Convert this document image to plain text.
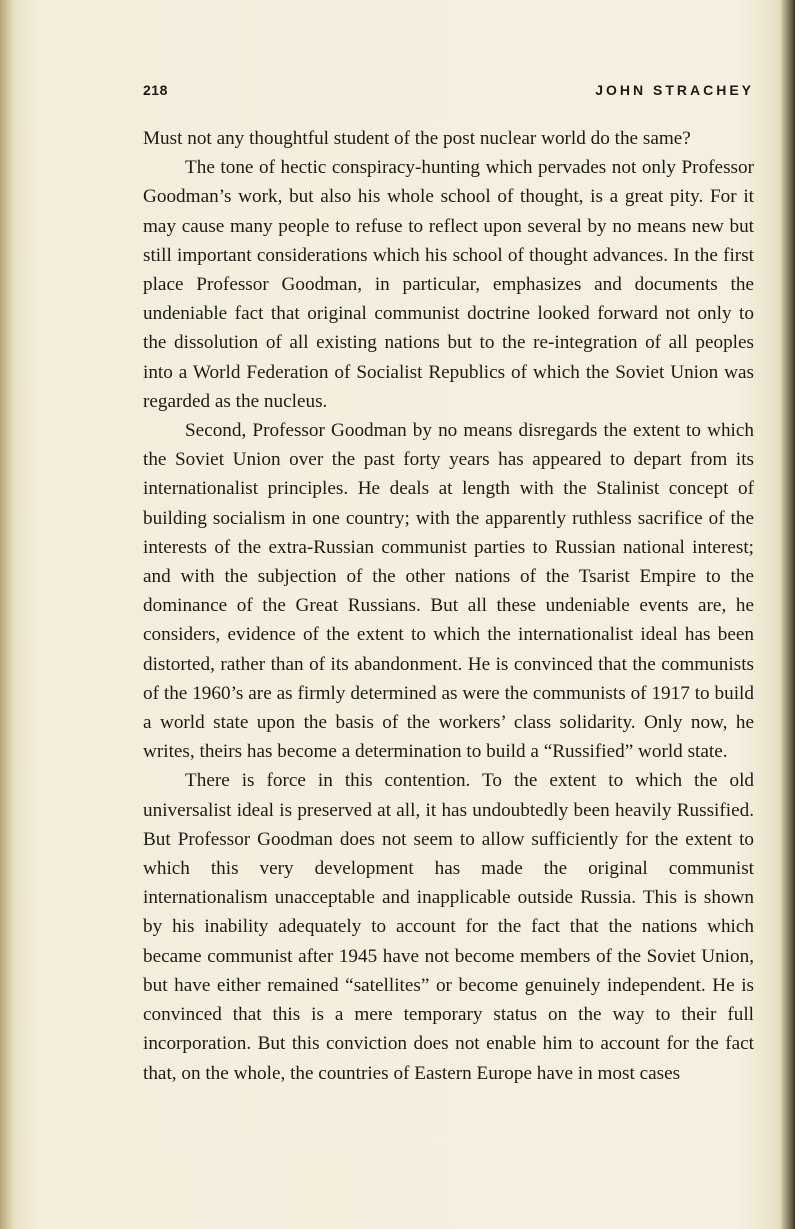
218	JOHN STRACHEY

Must not any thoughtful student of the post nuclear world do the same?

The tone of hectic conspiracy-hunting which pervades not only Professor Goodman’s work, but also his whole school of thought, is a great pity. For it may cause many people to refuse to reflect upon several by no means new but still important considerations which his school of thought advances. In the first place Professor Goodman, in particular, emphasizes and documents the undeniable fact that original communist doctrine looked forward not only to the dissolution of all existing nations but to the re-integration of all peoples into a World Federation of Socialist Republics of which the Soviet Union was regarded as the nucleus.

Second, Professor Goodman by no means disregards the extent to which the Soviet Union over the past forty years has appeared to depart from its internationalist principles. He deals at length with the Stalinist concept of building socialism in one country; with the apparently ruthless sacrifice of the interests of the extra-Russian communist parties to Russian national interest; and with the subjection of the other nations of the Tsarist Empire to the dominance of the Great Russians. But all these undeniable events are, he considers, evidence of the extent to which the internationalist ideal has been distorted, rather than of its abandonment. He is convinced that the communists of the 1960’s are as firmly determined as were the communists of 1917 to build a world state upon the basis of the workers’ class solidarity. Only now, he writes, theirs has become a determination to build a “Russified” world state.

There is force in this contention. To the extent to which the old universalist ideal is preserved at all, it has undoubtedly been heavily Russified. But Professor Goodman does not seem to allow sufficiently for the extent to which this very development has made the original communist internationalism unacceptable and inapplicable outside Russia. This is shown by his inability adequately to account for the fact that the nations which became communist after 1945 have not become members of the Soviet Union, but have either remained “satellites” or become genuinely independent. He is convinced that this is a mere temporary status on the way to their full incorporation. But this conviction does not enable him to account for the fact that, on the whole, the countries of Eastern Europe have in most cases
